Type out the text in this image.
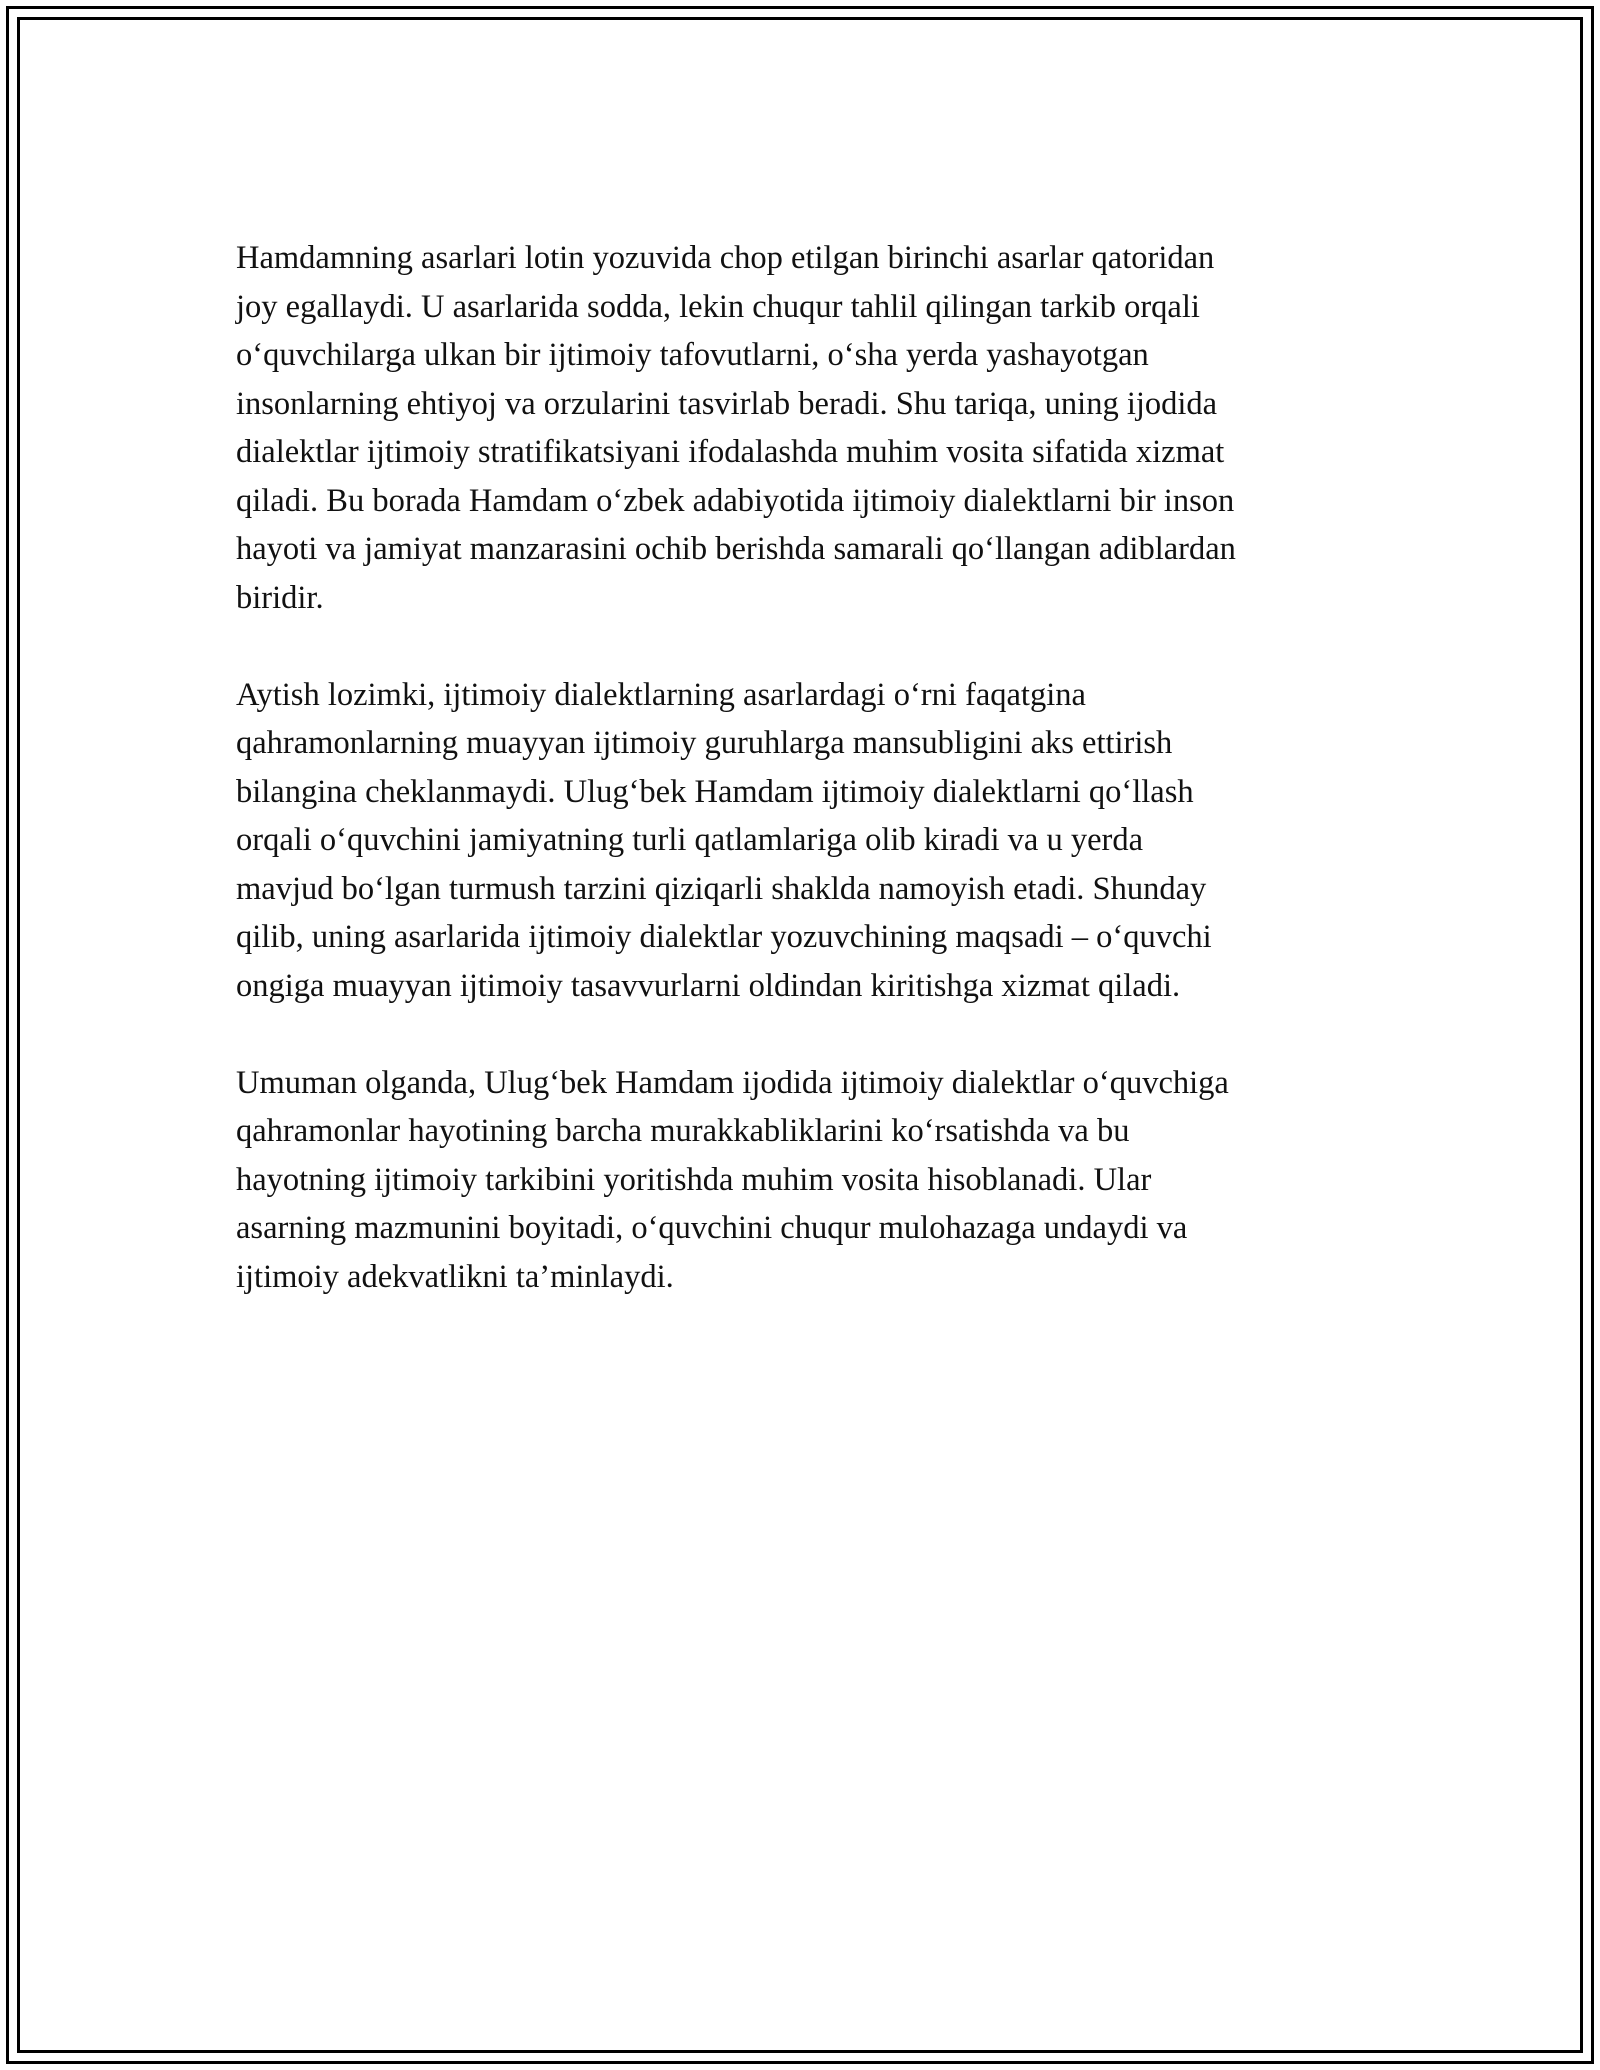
Hamdamning asarlari lotin yozuvida chop etilgan birinchi asarlar qatoridan
joy egallaydi. U asarlarida sodda, lekin chuqur tahlil qilingan tarkib orqali
o‘quvchilarga ulkan bir ijtimoiy tafovutlarni, o‘sha yerda yashayotgan
insonlarning ehtiyoj va orzularini tasvirlab beradi. Shu tariqa, uning ijodida
dialektlar ijtimoiy stratifikatsiyani ifodalashda muhim vosita sifatida xizmat
qiladi. Bu borada Hamdam o‘zbek adabiyotida ijtimoiy dialektlarni bir inson
hayoti va jamiyat manzarasini ochib berishda samarali qo‘llangan adiblardan
biridir.

Aytish lozimki, ijtimoiy dialektlarning asarlardagi o‘rni faqatgina
qahramonlarning muayyan ijtimoiy guruhlarga mansubligini aks ettirish
bilangina cheklanmaydi. Ulug‘bek Hamdam ijtimoiy dialektlarni qo‘llash
orqali o‘quvchini jamiyatning turli qatlamlariga olib kiradi va u yerda
mavjud bo‘lgan turmush tarzini qiziqarli shaklda namoyish etadi. Shunday
qilib, uning asarlarida ijtimoiy dialektlar yozuvchining maqsadi – o‘quvchi
ongiga muayyan ijtimoiy tasavvurlarni oldindan kiritishga xizmat qiladi.

Umuman olganda, Ulug‘bek Hamdam ijodida ijtimoiy dialektlar o‘quvchiga
qahramonlar hayotining barcha murakkabliklarini ko‘rsatishda va bu
hayotning ijtimoiy tarkibini yoritishda muhim vosita hisoblanadi. Ular
asarning mazmunini boyitadi, o‘quvchini chuqur mulohazaga undaydi va
ijtimoiy adekvatlikni ta’minlaydi.
